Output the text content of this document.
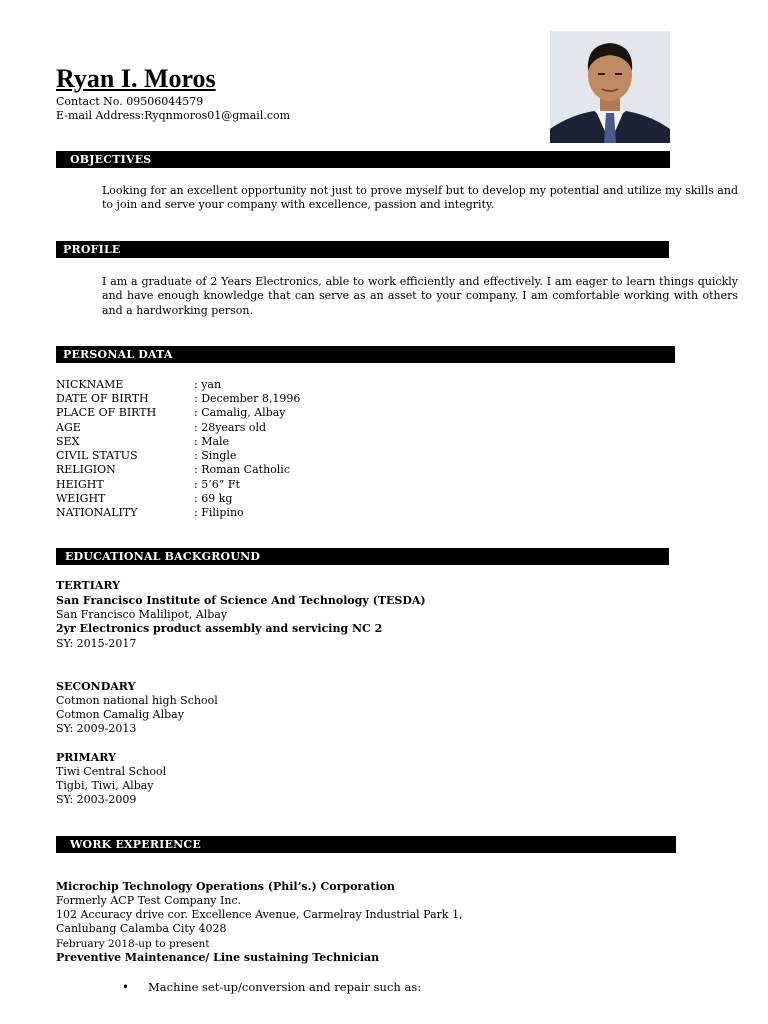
Ryan I. Moros
Contact No. 09506044579
E-mail Address:Ryqnmoros01@gmail.com
OBJECTIVES

Looking for an excellent opportunity not just to prove myself but to develop my potential and utilize my skills and to join and serve your company with excellence, passion and integrity.

PROFILE

I am a graduate of 2 Years Electronics, able to work efficiently and effectively. I am eager to learn things quickly and have enough knowledge that can serve as an asset to your company. I am comfortable working with others and a hardworking person.

PERSONAL DATA
NICKNAME	: yan
DATE OF BIRTH	: December 8,1996
PLACE OF BIRTH	: Camalig, Albay
AGE	: 28years old
SEX	: Male
CIVIL STATUS	: Single
RELIGION	: Roman Catholic
HEIGHT	: 5’6” Ft
WEIGHT	: 69 kg
NATIONALITY	: Filipino
EDUCATIONAL BACKGROUND
TERTIARY
San Francisco Institute of Science And Technology (TESDA)
San Francisco Malilipot, Albay
2yr Electronics product assembly and servicing NC 2
SY: 2015-2017
SECONDARY
Cotmon national high School
Cotmon Camalig Albay
SY: 2009-2013
PRIMARY
Tiwi Central School
Tigbi, Tiwi, Albay
SY: 2003-2009
WORK EXPERIENCE
Microchip Technology Operations (Phil’s.) Corporation
Formerly ACP Test Company Inc.
102 Accuracy drive cor. Excellence Avenue, Carmelray Industrial Park 1,
Canlubang Calamba City 4028
February 2018-up to present
Preventive Maintenance/ Line sustaining Technician
• Machine set-up/conversion and repair such as:
